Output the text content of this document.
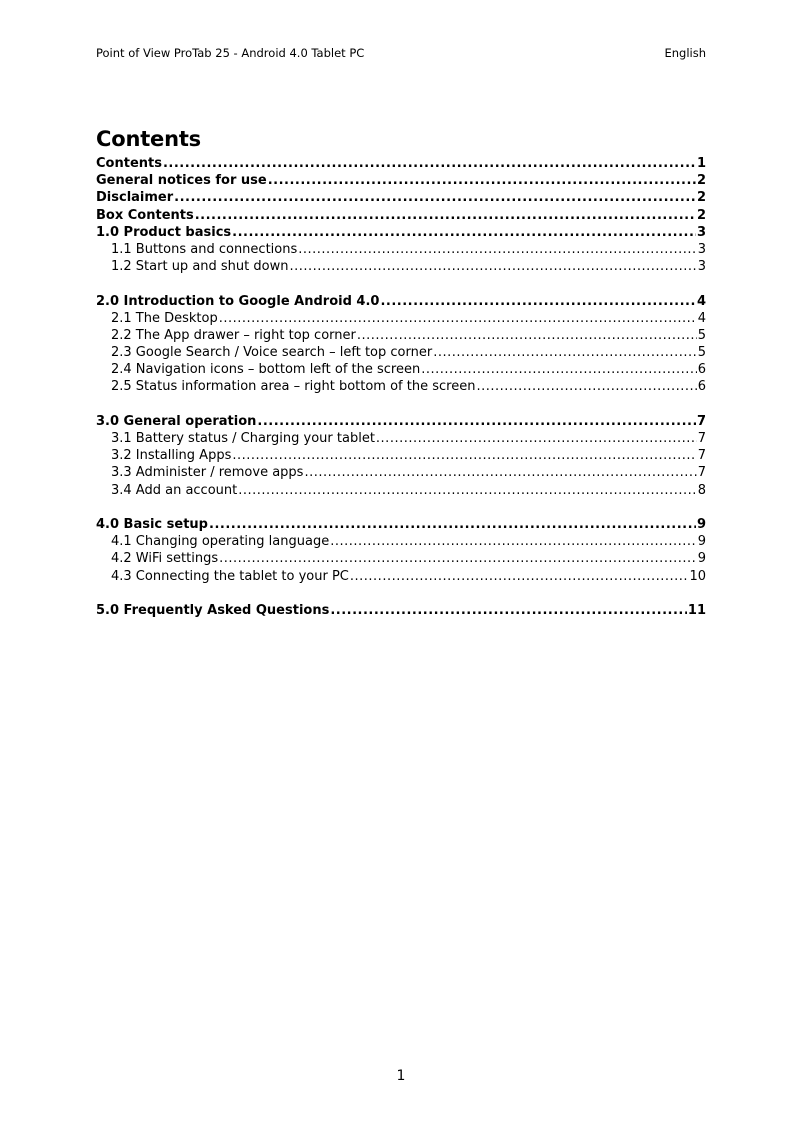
Point of View ProTab 25 - Android 4.0 Tablet PC	English
Contents
Contents .....	1
General notices for use .....	2
Disclaimer .....	2
Box Contents .....	2
1.0 Product basics .....	3
1.1 Buttons and connections .....	3
1.2 Start up and shut down .....	3
2.0 Introduction to Google Android 4.0 .....	4
2.1 The Desktop .....	4
2.2 The App drawer – right top corner .....	5
2.3 Google Search / Voice search – left top corner .....	5
2.4 Navigation icons – bottom left of the screen .....	6
2.5 Status information area – right bottom of the screen .....	6
3.0 General operation .....	7
3.1 Battery status / Charging your tablet .....	7
3.2 Installing Apps .....	7
3.3 Administer / remove apps .....	7
3.4 Add an account .....	8
4.0 Basic setup .....	9
4.1 Changing operating language .....	9
4.2 WiFi settings .....	9
4.3 Connecting the tablet to your PC .....	10
5.0 Frequently Asked Questions .....	11
1
